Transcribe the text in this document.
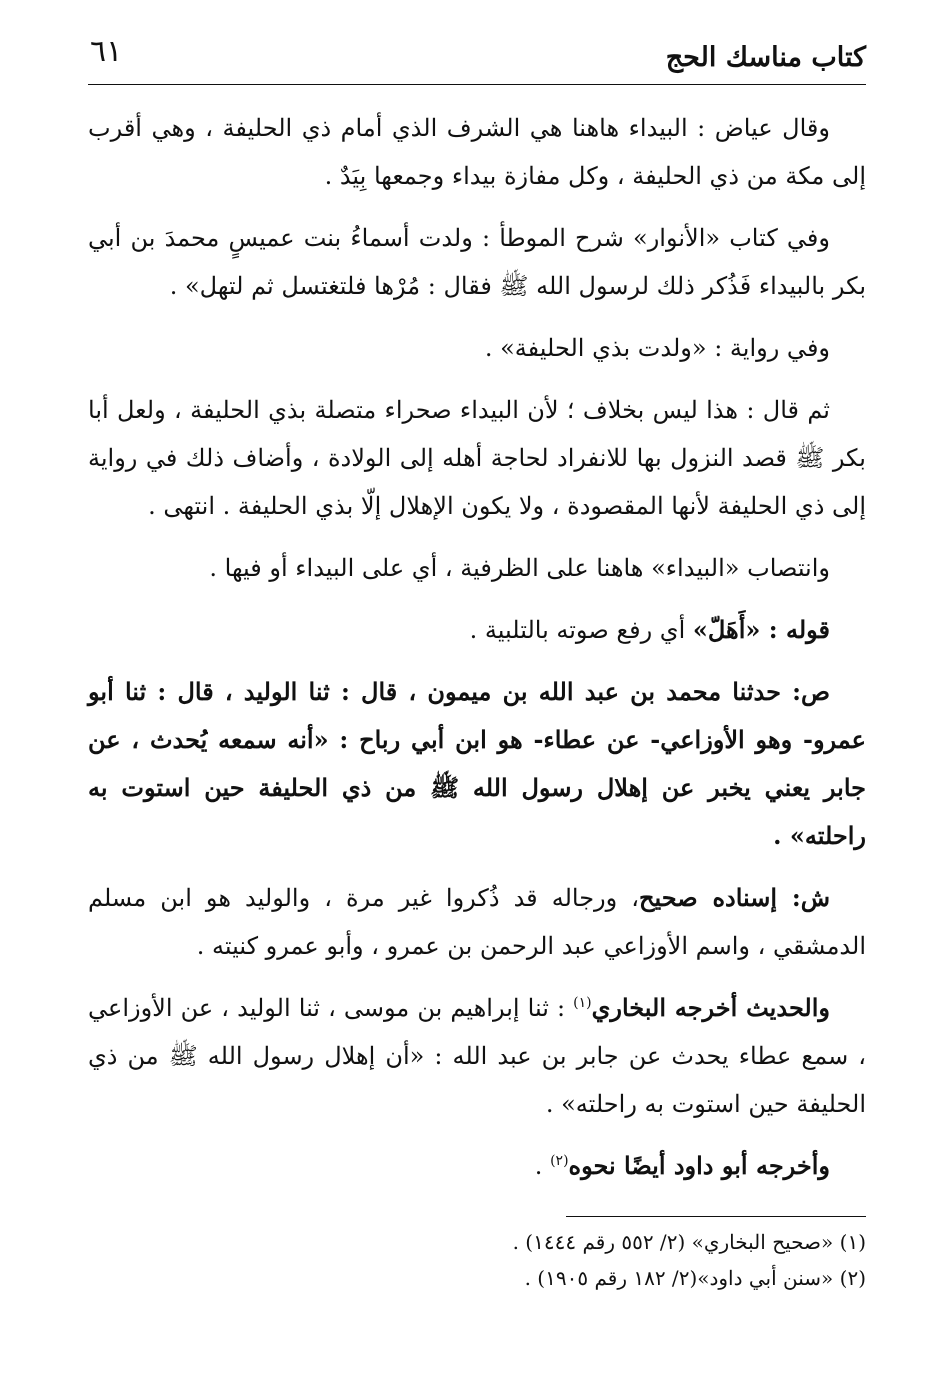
كتاب مناسك الحج
٦١

وقال عياض : البيداء هاهنا هي الشرف الذي أمام ذي الحليفة ، وهي أقرب إلى مكة من ذي الحليفة ، وكل مفازة بيداء وجمعها بِيَدٌ .

وفي كتاب «الأنوار» شرح الموطأ : ولدت أسماءُ بنت عميسٍ محمدَ بن أبي بكر بالبيداء فَذُكر ذلك لرسول الله ﷺ فقال : مُرْها فلتغتسل ثم لتهل» .

وفي رواية : «ولدت بذي الحليفة» .

ثم قال : هذا ليس بخلاف ؛ لأن البيداء صحراء متصلة بذي الحليفة ، ولعل أبا بكر ﷺ قصد النزول بها للانفراد لحاجة أهله إلى الولادة ، وأضاف ذلك في رواية إلى ذي الحليفة لأنها المقصودة ، ولا يكون الإهلال إلّا بذي الحليفة . انتهى .

وانتصاب «البيداء» هاهنا على الظرفية ، أي على البيداء أو فيها .

قوله : «أَهَلّ» أي رفع صوته بالتلبية .

ص: حدثنا محمد بن عبد الله بن ميمون ، قال : ثنا الوليد ، قال : ثنا أبو عمرو- وهو الأوزاعي- عن عطاء- هو ابن أبي رباح : «أنه سمعه يُحدث ، عن جابر يعني يخبر عن إهلال رسول الله ﷺ من ذي الحليفة حين استوت به راحلته» .

ش: إسناده صحيح، ورجاله قد ذُكروا غير مرة ، والوليد هو ابن مسلم الدمشقي ، واسم الأوزاعي عبد الرحمن بن عمرو ، وأبو عمرو كنيته .

والحديث أخرجه البخاري$^{(١)}$ : ثنا إبراهيم بن موسى ، ثنا الوليد ، عن الأوزاعي ، سمع عطاء يحدث عن جابر بن عبد الله : «أن إهلال رسول الله ﷺ من ذي الحليفة حين استوت به راحلته» .

وأخرجه أبو داود أيضًا نحوه$^{(٢)}$ .

(١) «صحيح البخاري» (٢/ ٥٥٢ رقم ١٤٤٤) .

(٢) «سنن أبي داود»(٢/ ١٨٢ رقم ١٩٠٥) .
